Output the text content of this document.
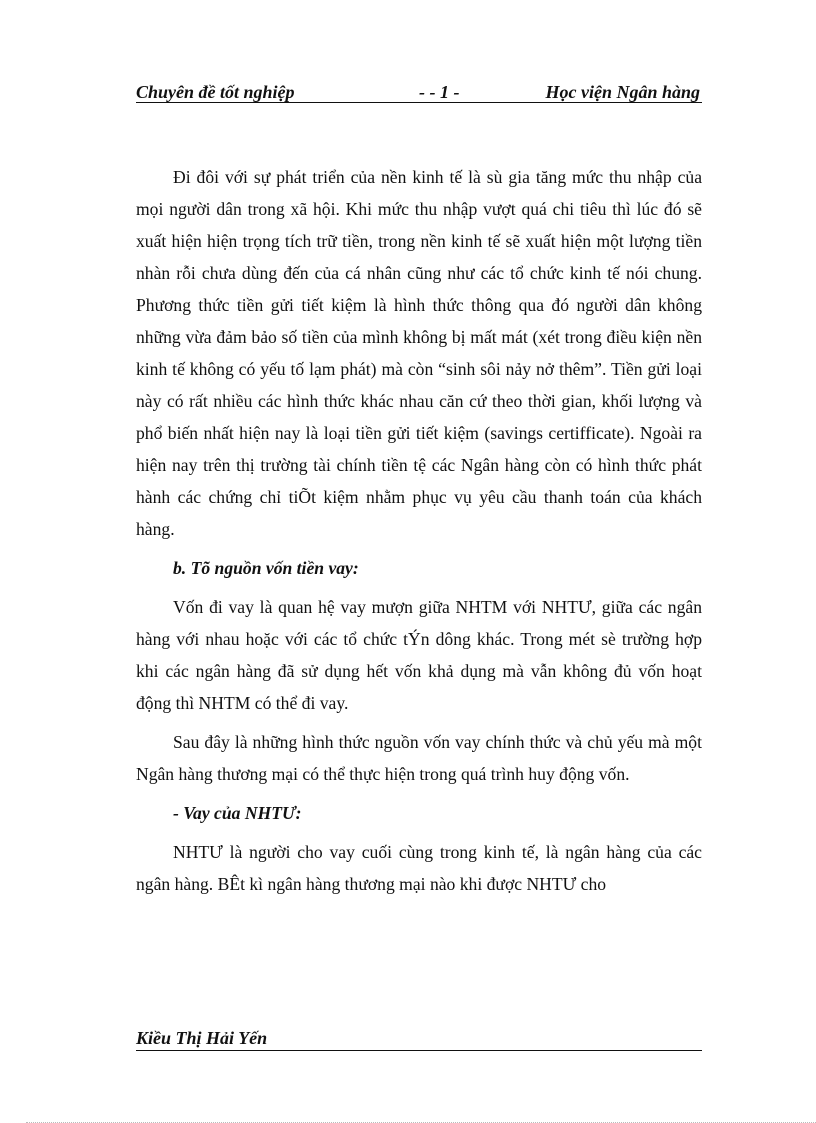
Chuyên đề tốt nghiệp	- - 1 -	Học viện Ngân hàng

Đi đôi với sự phát triển của nền kinh tế là sù gia tăng mức thu nhập của mọi người dân trong xã hội. Khi mức thu nhập vượt quá chi tiêu thì lúc đó sẽ xuất hiện hiện trọng tích trữ tiền, trong nền kinh tế sẽ xuất hiện một lượng tiền nhàn rỗi chưa dùng đến của cá nhân cũng như các tổ chức kinh tế nói chung. Phương thức tiền gửi tiết kiệm là hình thức thông qua đó người dân không những vừa đảm bảo số tiền của mình không bị mất mát (xét trong điều kiện nền kinh tế không có yếu tố lạm phát) mà còn “sinh sôi nảy nở thêm”. Tiền gửi loại này có rất nhiều các hình thức khác nhau căn cứ theo thời gian, khối lượng và phổ biến nhất hiện nay là loại tiền gửi tiết kiệm (savings certifficate). Ngoài ra hiện nay trên thị trường tài chính tiền tệ các Ngân hàng còn có hình thức phát hành các chứng chỉ tiÕt kiệm nhằm phục vụ yêu cầu thanh toán của khách hàng.

b. Tõ nguồn vốn tiền vay:

Vốn đi vay là quan hệ vay mượn giữa NHTM với NHTƯ, giữa các ngân hàng với nhau hoặc với các tổ chức tÝn dông khác. Trong mét sè trường hợp khi các ngân hàng đã sử dụng hết vốn khả dụng mà vẫn không đủ vốn hoạt động thì NHTM có thể đi vay.

Sau đây là những hình thức nguồn vốn vay chính thức và chủ yếu mà một Ngân hàng thương mại có thể thực hiện trong quá trình huy động vốn.

- Vay của NHTƯ:

NHTƯ là người cho vay cuối cùng trong kinh tế, là ngân hàng của các ngân hàng. BÊt kì ngân hàng thương mại nào khi được NHTƯ cho

Kiều Thị Hải Yến
